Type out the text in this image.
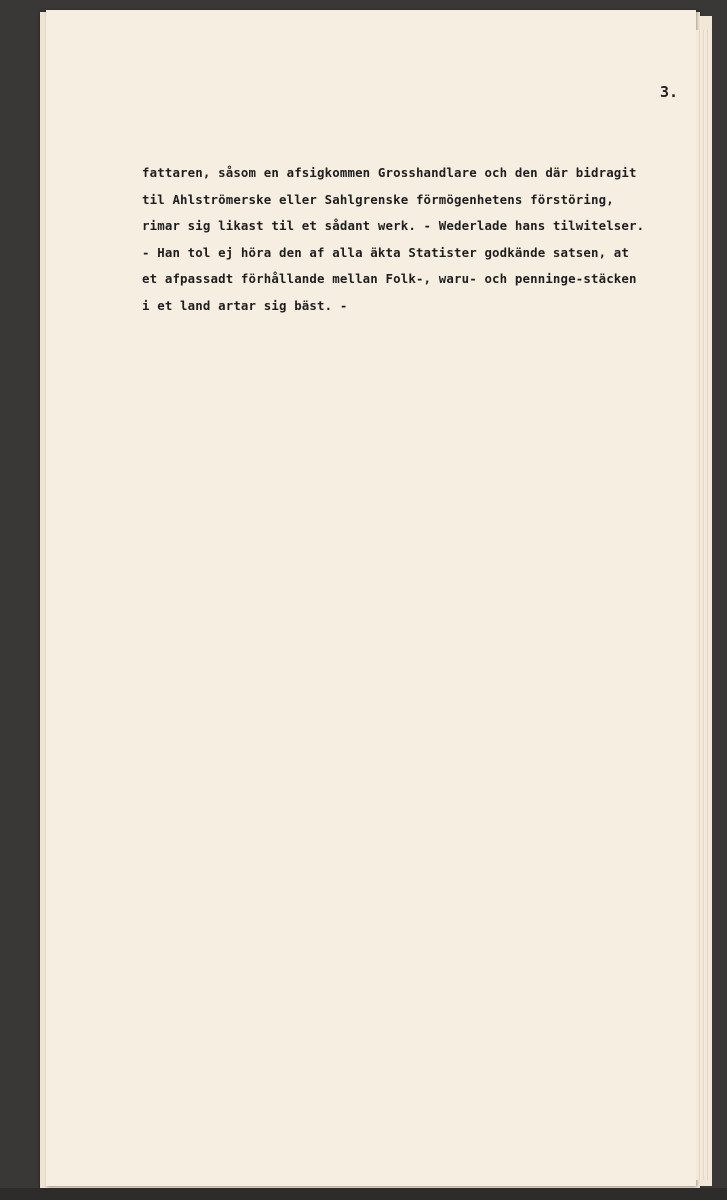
3.
fattaren, såsom en afsigkommen Grosshandlare och den där bidragit
til Ahlströmerske eller Sahlgrenske förmögenhetens förstöring,
rimar sig likast til et sådant werk. - Wederlade hans tilwitelser.
- Han tol ej höra den af alla äkta Statister godkände satsen, at
et afpassadt förhållande mellan Folk-, waru- och penninge-stäcken
i et land artar sig bäst. -
